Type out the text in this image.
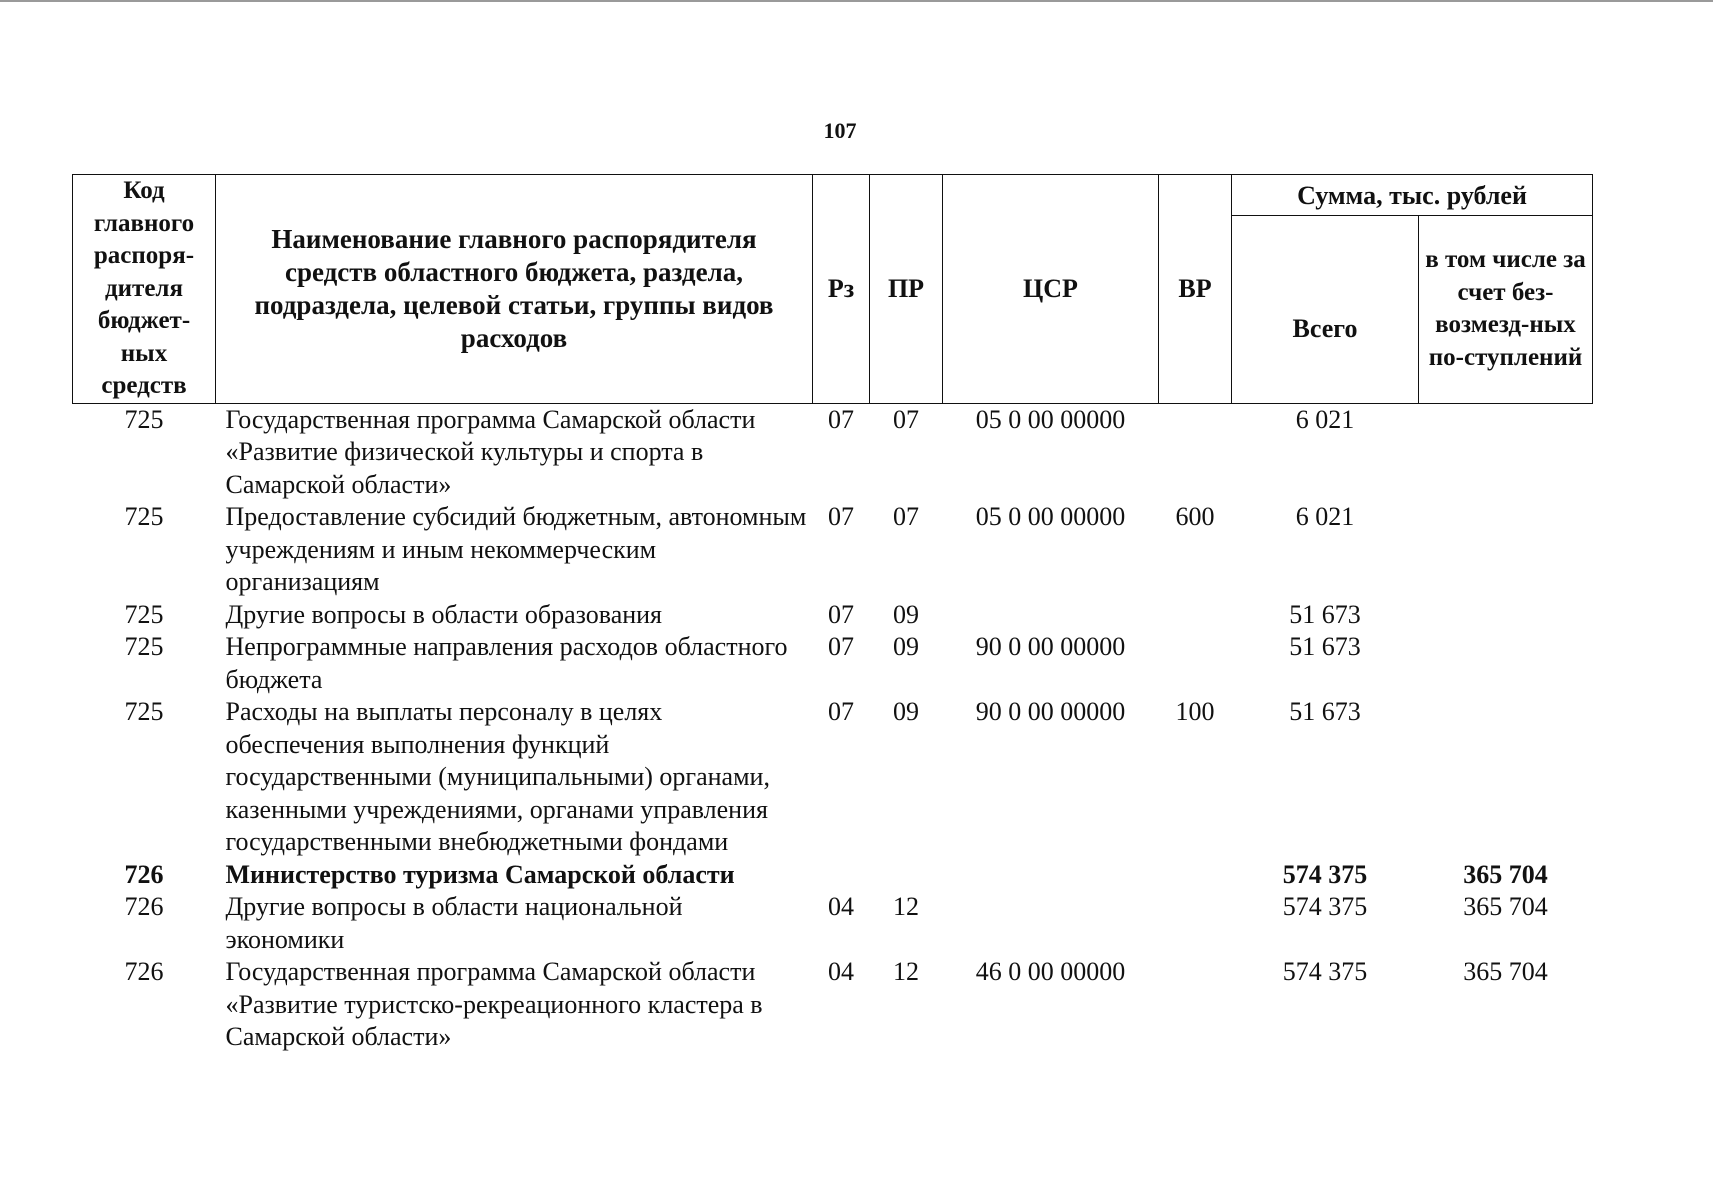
107
Код главного распоря-дителя бюджет-ных средств	Наименование главного распорядителя средств областного бюджета, раздела, подраздела, целевой статьи, группы видов расходов	Рз	ПР	ЦСР	ВР	Сумма, тыс. рублей	
						Всего	в том числе за счет без-возмезд-ных по-ступлений
725	Государственная программа Самарской области «Развитие физической культуры и спорта в Самарской области»	07	07	05 0 00 00000		6 021	
725	Предоставление субсидий бюджетным, автономным учреждениям и иным некоммерческим организациям	07	07	05 0 00 00000	600	6 021	
725	Другие вопросы в области образования	07	09			51 673	
725	Непрограммные направления расходов областного бюджета	07	09	90 0 00 00000		51 673	
725	Расходы на выплаты персоналу в целях обеспечения выполнения функций государственными (муниципальными) органами, казенными учреждениями, органами управления государственными внебюджетными фондами	07	09	90 0 00 00000	100	51 673	
726	Министерство туризма Самарской области					574 375	365 704
726	Другие вопросы в области национальной экономики	04	12			574 375	365 704
726	Государственная программа Самарской области «Развитие туристско-рекреационного кластера в Самарской области»	04	12	46 0 00 00000		574 375	365 704
